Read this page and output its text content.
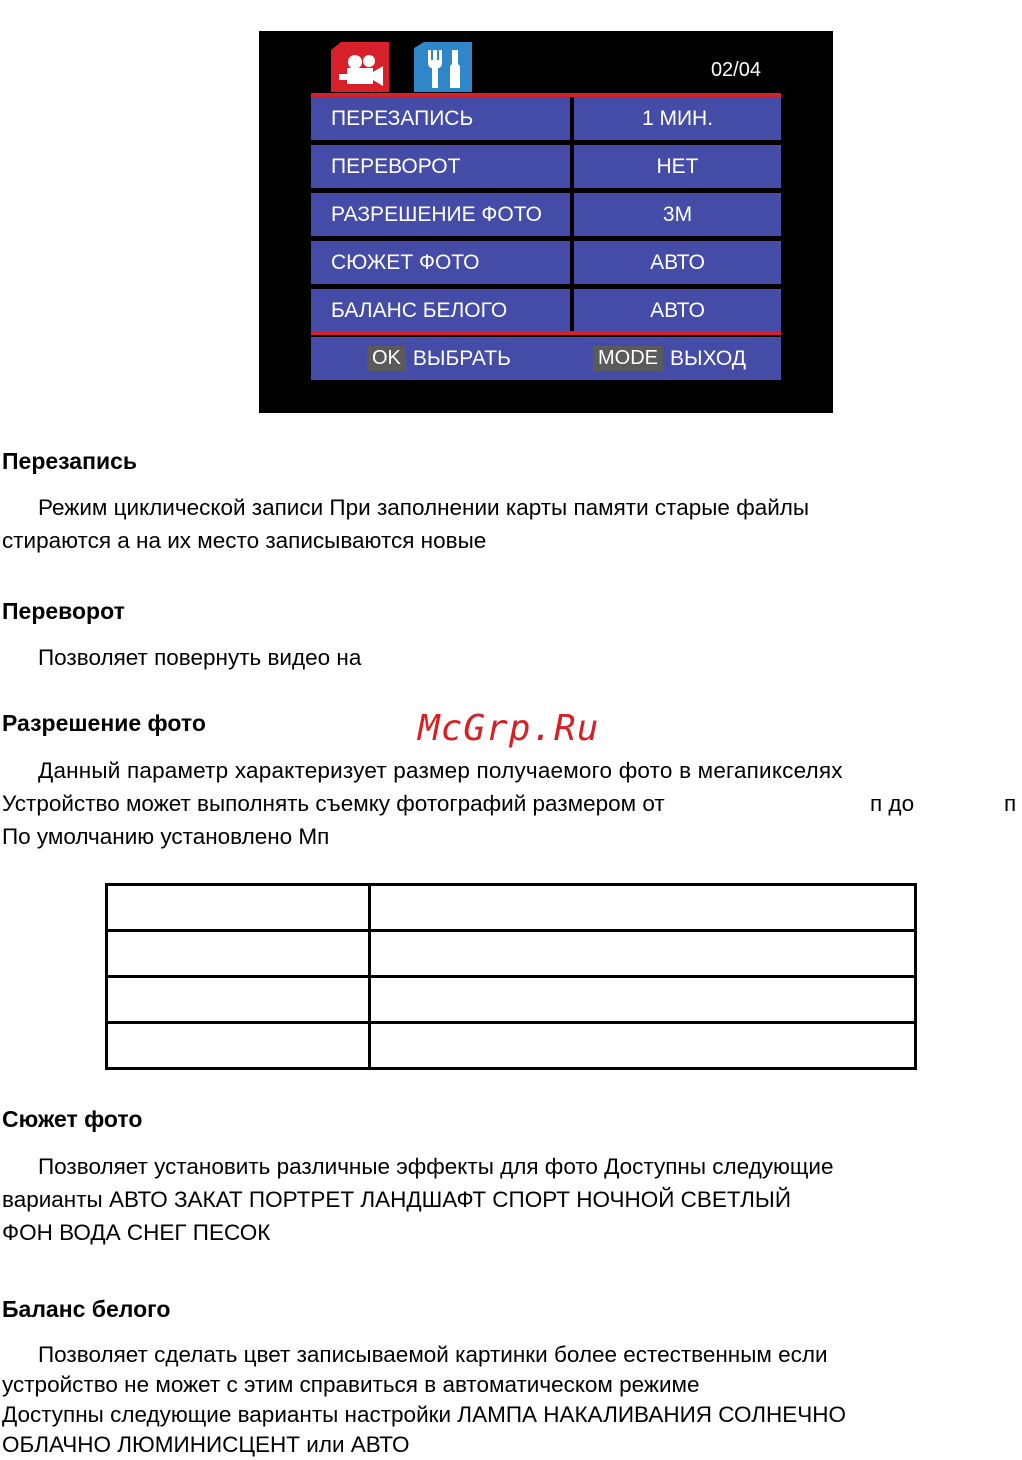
02/04
ПЕРЕЗАПИСЬ	1 МИН.
ПЕРЕВОРОТ	НЕТ
РАЗРЕШЕНИЕ ФОТО	3M
СЮЖЕТ ФОТО	АВТО
БАЛАНС БЕЛОГО	АВТО
OK ВЫБРАТЬ	MODE ВЫХОД
Перезапись
Режим циклической записи При заполнении карты памяти старые файлы
стираются а на их место записываются новые
Переворот
Позволяет повернуть видео на
Разрешение фото	McGrp.Ru
Данный параметр характеризует размер получаемого фото в мегапикселях
Устройство может выполнять съемку фотографий размером от	п до	п
По умолчанию установлено Мп

Сюжет фото
Позволяет установить различные эффекты для фото Доступны следующие
варианты АВТО ЗАКАТ ПОРТРЕТ ЛАНДШАФТ СПОРТ НОЧНОЙ СВЕТЛЫЙ
ФОН ВОДА СНЕГ ПЕСОК
Баланс белого
Позволяет сделать цвет записываемой картинки более естественным если
устройство не может с этим справиться в автоматическом режиме
Доступны следующие варианты настройки ЛАМПА НАКАЛИВАНИЯ СОЛНЕЧНО
ОБЛАЧНО ЛЮМИНИСЦЕНТ или АВТО
